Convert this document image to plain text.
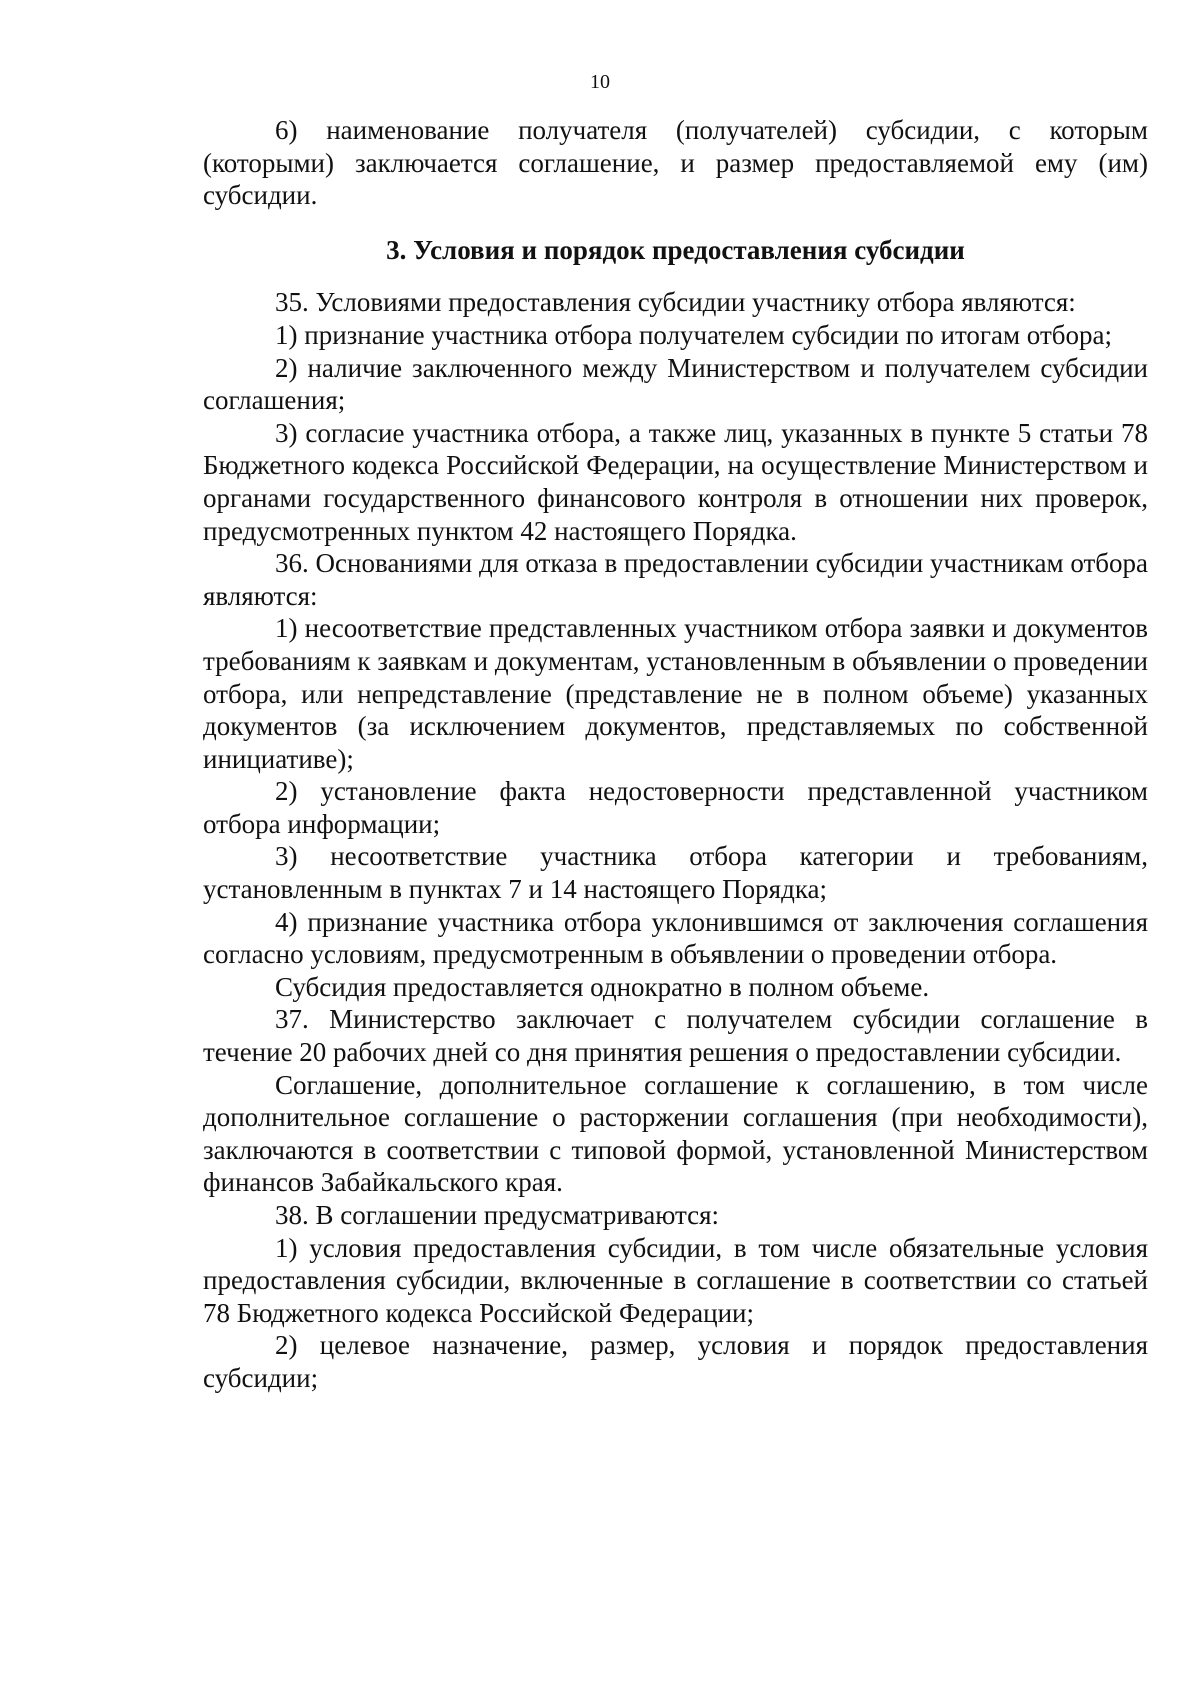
10

6) наименование получателя (получателей) субсидии, с которым (которыми) заключается соглашение, и размер предоставляемой ему (им) субсидии.

3. Условия и порядок предоставления субсидии

35. Условиями предоставления субсидии участнику отбора являются:

1) признание участника отбора получателем субсидии по итогам отбора;

2) наличие заключенного между Министерством и получателем субсидии соглашения;

3) согласие участника отбора, а также лиц, указанных в пункте 5 статьи 78 Бюджетного кодекса Российской Федерации, на осуществление Министерством и органами государственного финансового контроля в отношении них проверок, предусмотренных пунктом 42 настоящего Порядка.

36. Основаниями для отказа в предоставлении субсидии участникам отбора являются:

1) несоответствие представленных участником отбора заявки и документов требованиям к заявкам и документам, установленным в объявлении о проведении отбора, или непредставление (представление не в полном объеме) указанных документов (за исключением документов, представляемых по собственной инициативе);

2) установление факта недостоверности представленной участником отбора информации;

3) несоответствие участника отбора категории и требованиям, установленным в пунктах 7 и 14 настоящего Порядка;

4) признание участника отбора уклонившимся от заключения соглашения согласно условиям, предусмотренным в объявлении о проведении отбора.

Субсидия предоставляется однократно в полном объеме.

37. Министерство заключает с получателем субсидии соглашение в течение 20 рабочих дней со дня принятия решения о предоставлении субсидии.

Соглашение, дополнительное соглашение к соглашению, в том числе дополнительное соглашение о расторжении соглашения (при необходимости), заключаются в соответствии с типовой формой, установленной Министерством финансов Забайкальского края.

38. В соглашении предусматриваются:

1) условия предоставления субсидии, в том числе обязательные условия предоставления субсидии, включенные в соглашение в соответствии со статьей 78 Бюджетного кодекса Российской Федерации;

2) целевое назначение, размер, условия и порядок предоставления субсидии;
